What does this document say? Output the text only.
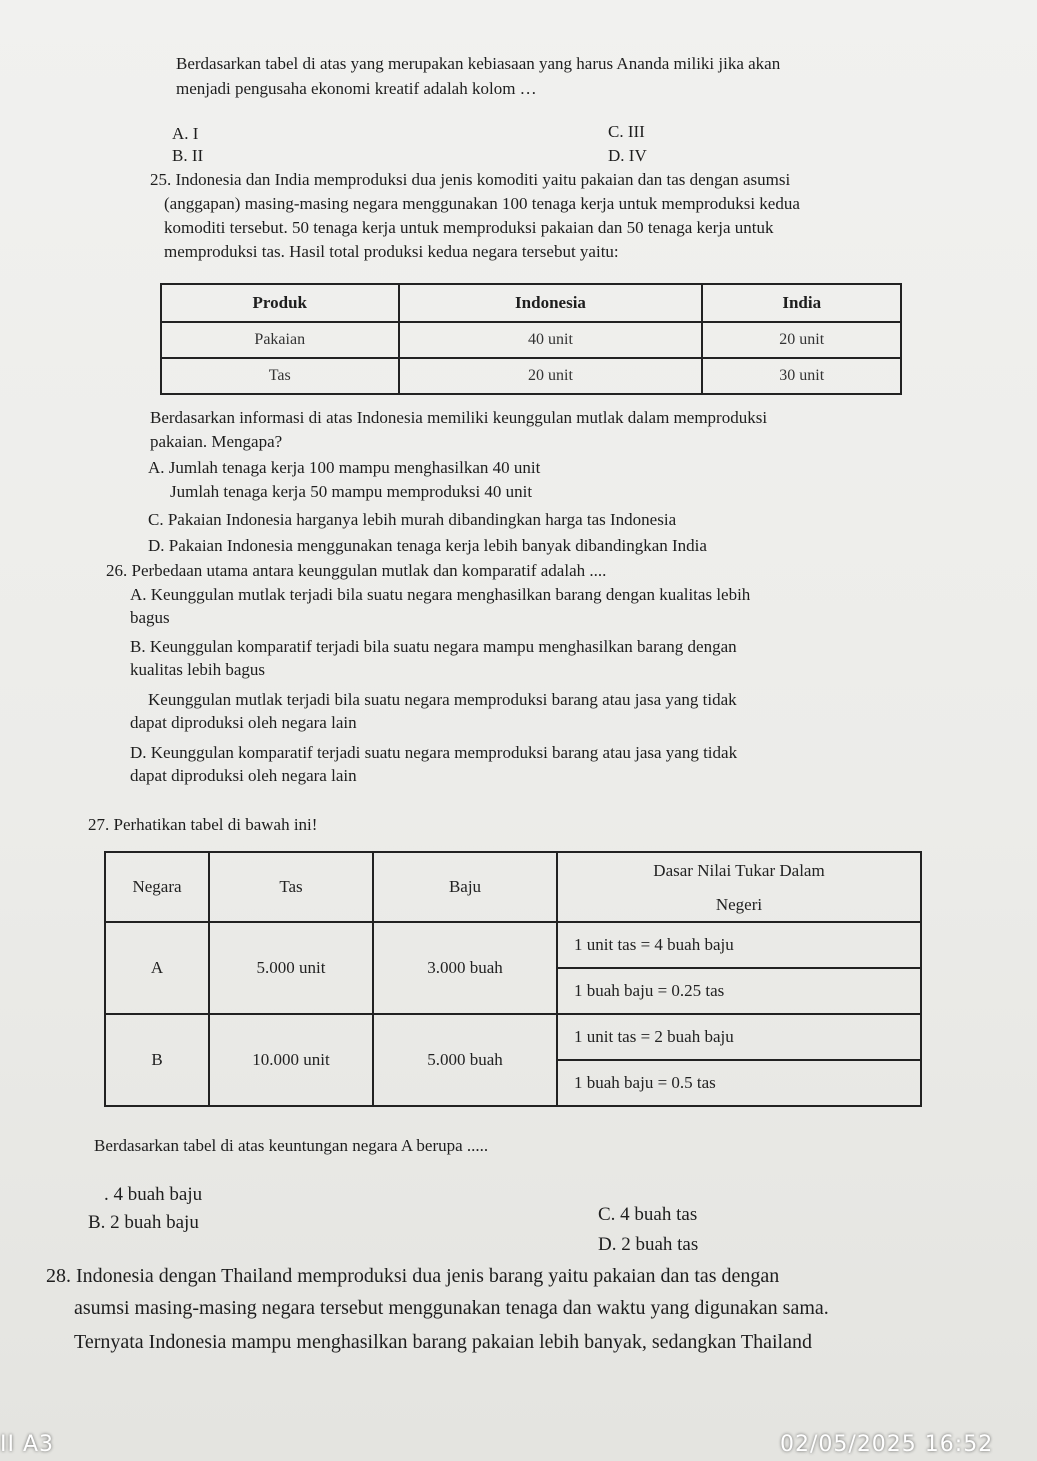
Berdasarkan tabel di atas yang merupakan kebiasaan yang harus Ananda miliki jika akan
menjadi pengusaha ekonomi kreatif adalah kolom …
A. I
B. II
C. III
D. IV
25. Indonesia dan India memproduksi dua jenis komoditi yaitu pakaian dan tas dengan asumsi
(anggapan) masing-masing negara menggunakan 100 tenaga kerja untuk memproduksi kedua
komoditi tersebut. 50 tenaga kerja untuk memproduksi pakaian dan 50 tenaga kerja untuk
memproduksi tas. Hasil total produksi kedua negara tersebut yaitu:
Produk	Indonesia	India
Pakaian	40 unit	20 unit
Tas	20 unit	30 unit
Berdasarkan informasi di atas Indonesia memiliki keunggulan mutlak dalam memproduksi
pakaian. Mengapa?
A. Jumlah tenaga kerja 100 mampu menghasilkan 40 unit
Jumlah tenaga kerja 50 mampu memproduksi 40 unit
C. Pakaian Indonesia harganya lebih murah dibandingkan harga tas Indonesia
D. Pakaian Indonesia menggunakan tenaga kerja lebih banyak dibandingkan India
26. Perbedaan utama antara keunggulan mutlak dan komparatif adalah ....
A. Keunggulan mutlak terjadi bila suatu negara menghasilkan barang dengan kualitas lebih
bagus
B. Keunggulan komparatif terjadi bila suatu negara mampu menghasilkan barang dengan
kualitas lebih bagus
Keunggulan mutlak terjadi bila suatu negara memproduksi barang atau jasa yang tidak
dapat diproduksi oleh negara lain
D. Keunggulan komparatif terjadi suatu negara memproduksi barang atau jasa yang tidak
dapat diproduksi oleh negara lain
27. Perhatikan tabel di bawah ini!
Negara	Tas	Baju	Dasar Nilai Tukar Dalam
			Negeri
A	5.000 unit	3.000 buah	1 unit tas = 4 buah baju
			1 buah baju = 0.25 tas
B	10.000 unit	5.000 buah	1 unit tas = 2 buah baju
			1 buah baju = 0.5 tas
Berdasarkan tabel di atas keuntungan negara A berupa .....
. 4 buah baju
B. 2 buah baju	C. 4 buah tas
D. 2 buah tas
28. Indonesia dengan Thailand memproduksi dua jenis barang yaitu pakaian dan tas dengan
asumsi masing-masing negara tersebut menggunakan tenaga dan waktu yang digunakan sama.
Ternyata Indonesia mampu menghasilkan barang pakaian lebih banyak, sedangkan Thailand
II A3	02/05/2025 16:52
